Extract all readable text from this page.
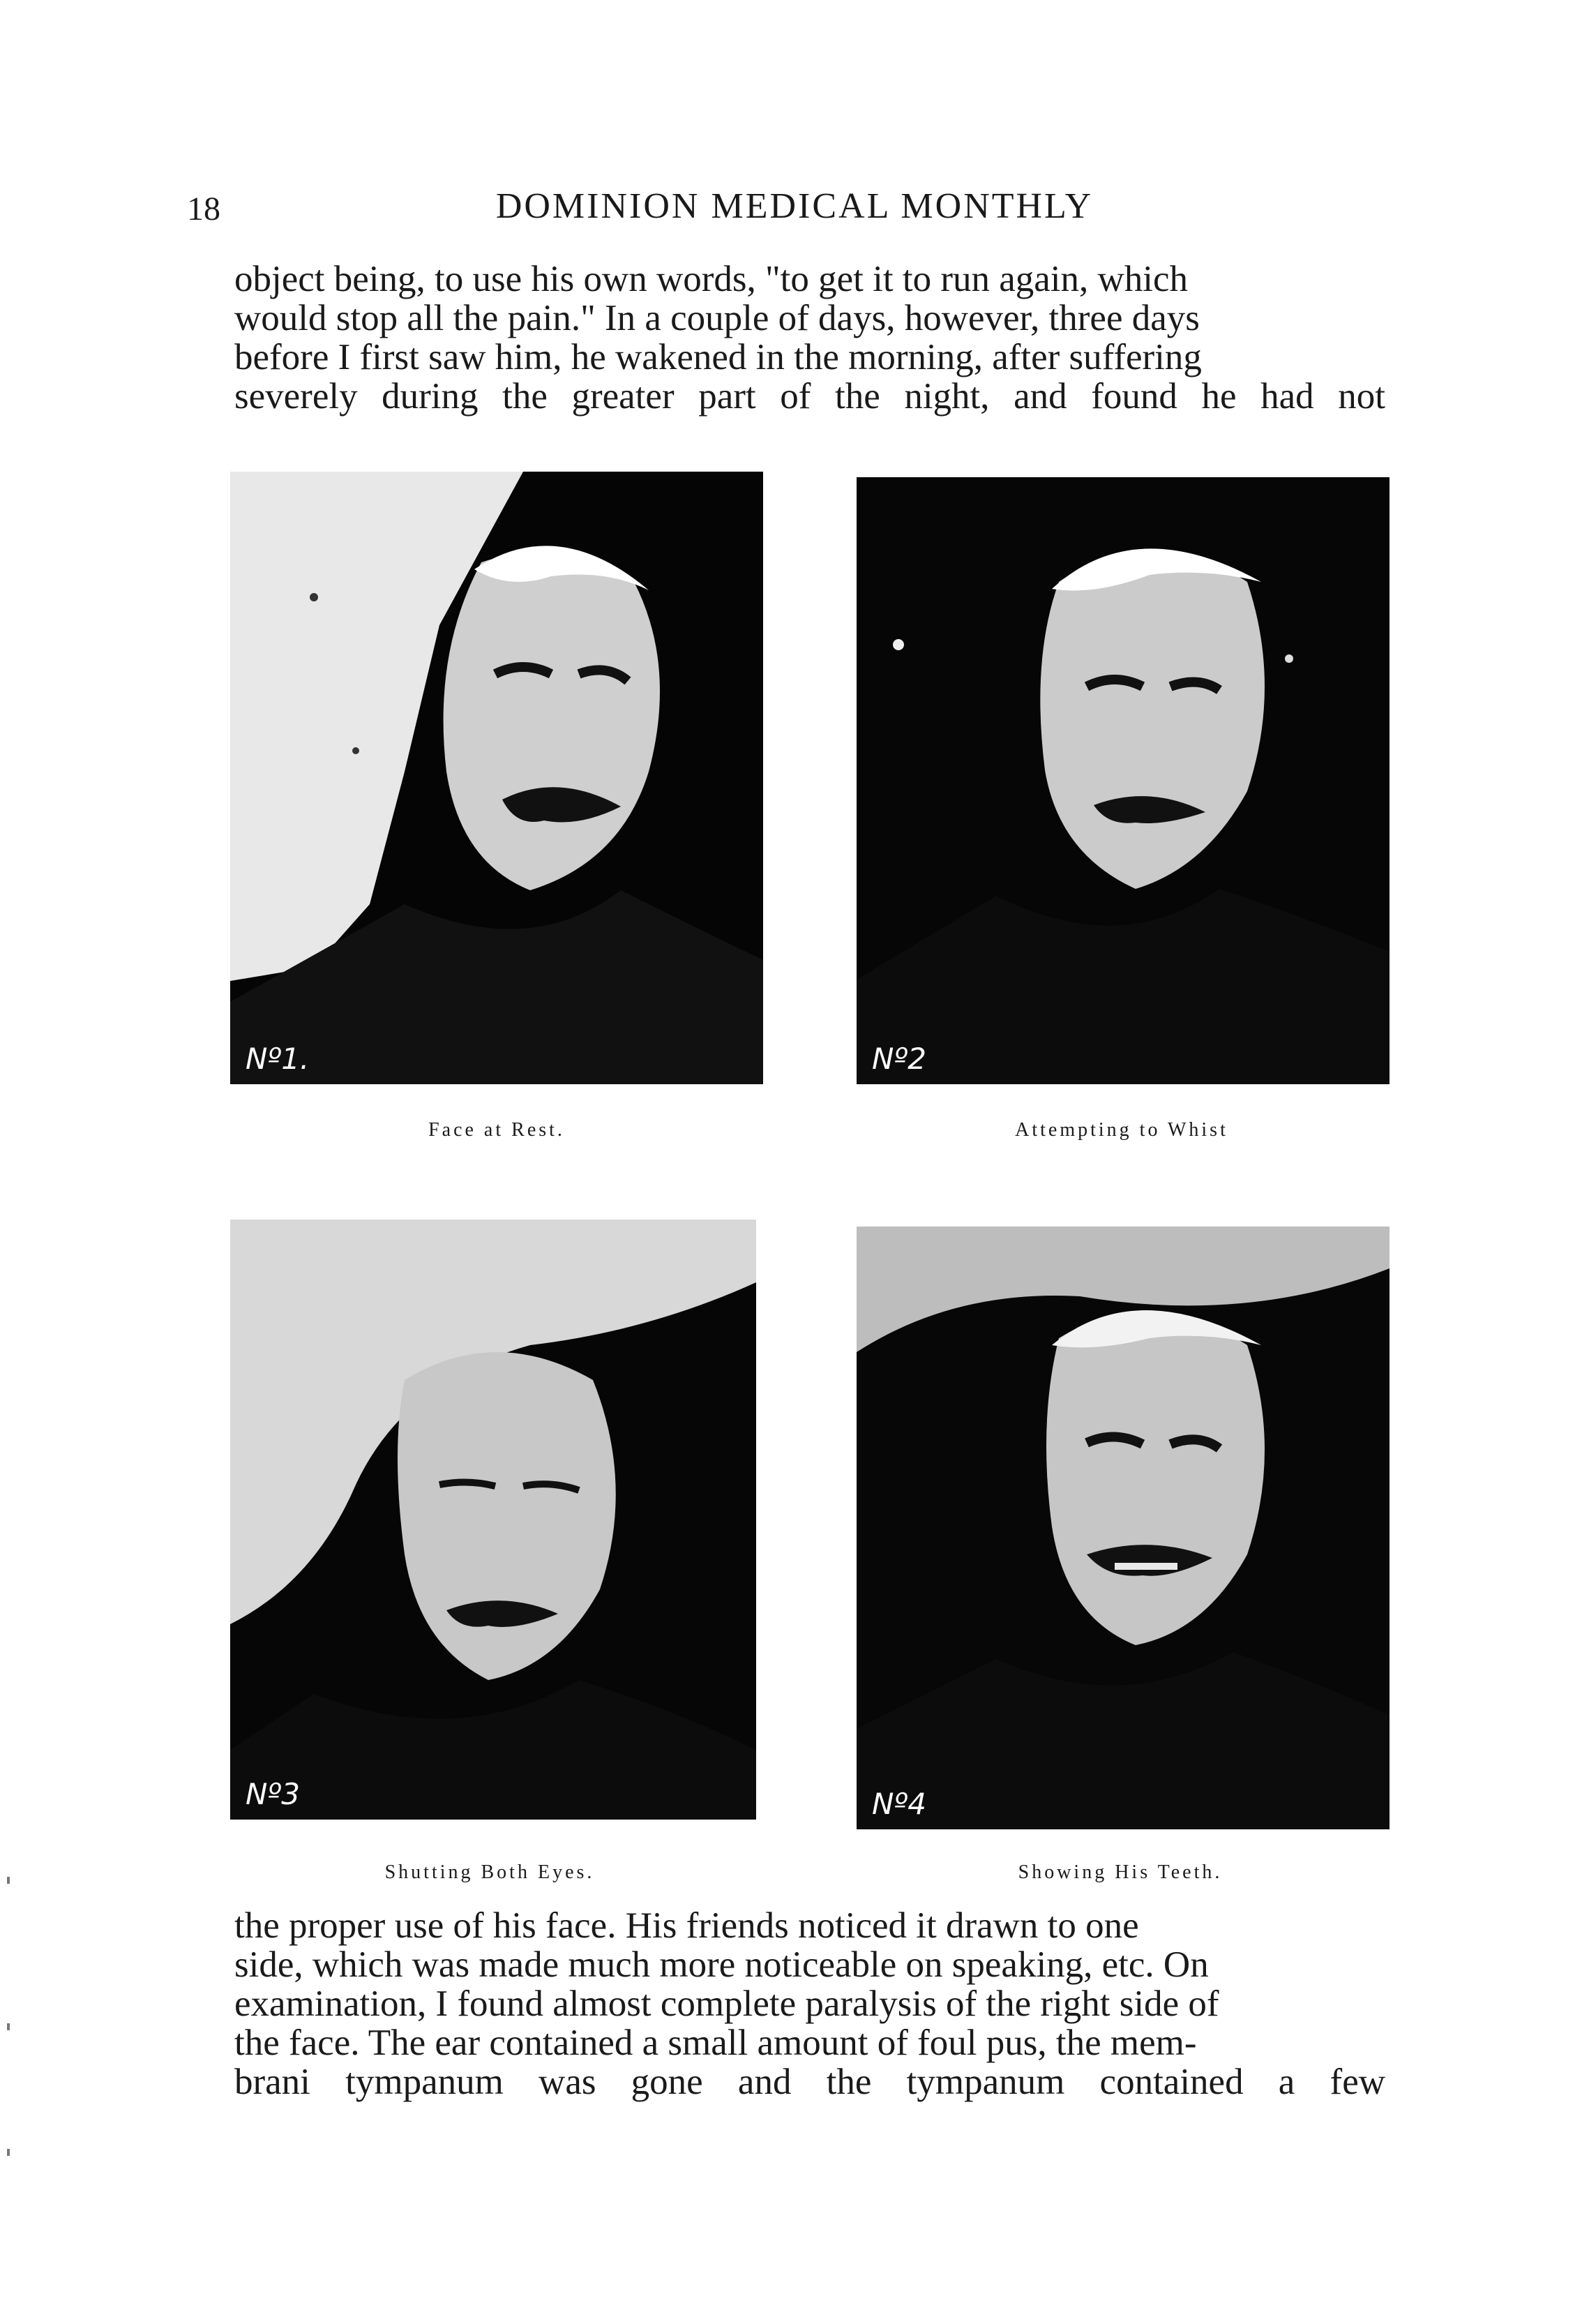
18	DOMINION MEDICAL MONTHLY
object being, to use his own words, "to get it to run again, which
would stop all the pain." In a couple of days, however, three days
before I first saw him, he wakened in the morning, after suffering
severely during the greater part of the night, and found he had not
Nº1.	Nº2
Face at Rest.	Attempting to Whist
Nº3	Nº4
Shutting Both Eyes.	Showing His Teeth.
the proper use of his face. His friends noticed it drawn to one
side, which was made much more noticeable on speaking, etc. On
examination, I found almost complete paralysis of the right side of
the face. The ear contained a small amount of foul pus, the mem-
brani tympanum was gone and the tympanum contained a few
